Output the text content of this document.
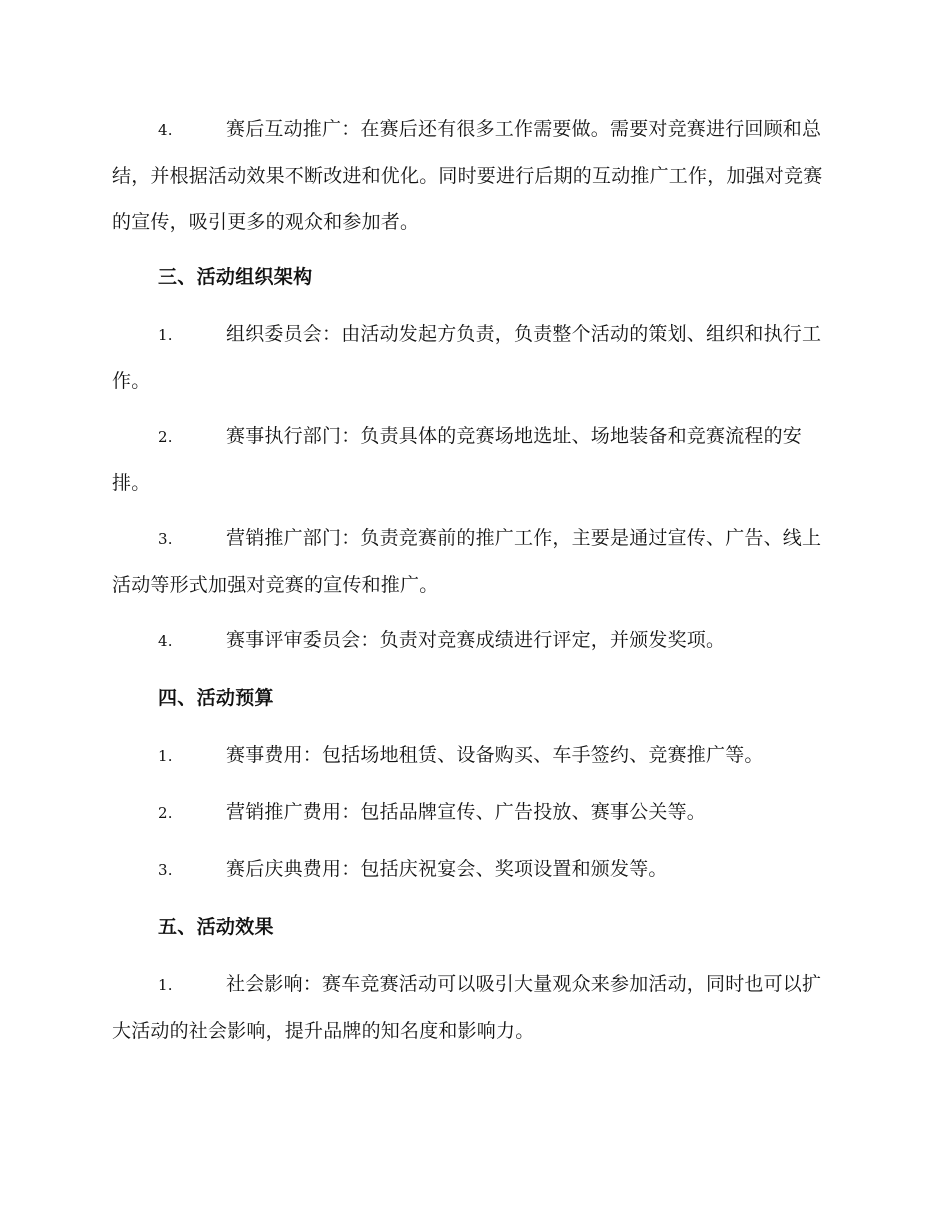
4.	赛后互动推广：在赛后还有很多工作需要做。需要对竞赛进行回顾和总结，并根据活动效果不断改进和优化。同时要进行后期的互动推广工作，加强对竞赛的宣传，吸引更多的观众和参加者。

三、活动组织架构

1.	组织委员会：由活动发起方负责，负责整个活动的策划、组织和执行工作。

2.	赛事执行部门：负责具体的竞赛场地选址、场地装备和竞赛流程的安排。

3.	营销推广部门：负责竞赛前的推广工作，主要是通过宣传、广告、线上活动等形式加强对竞赛的宣传和推广。

4.	赛事评审委员会：负责对竞赛成绩进行评定，并颁发奖项。

四、活动预算

1.	赛事费用：包括场地租赁、设备购买、车手签约、竞赛推广等。

2.	营销推广费用：包括品牌宣传、广告投放、赛事公关等。

3.	赛后庆典费用：包括庆祝宴会、奖项设置和颁发等。

五、活动效果

1.	社会影响：赛车竞赛活动可以吸引大量观众来参加活动，同时也可以扩大活动的社会影响，提升品牌的知名度和影响力。
